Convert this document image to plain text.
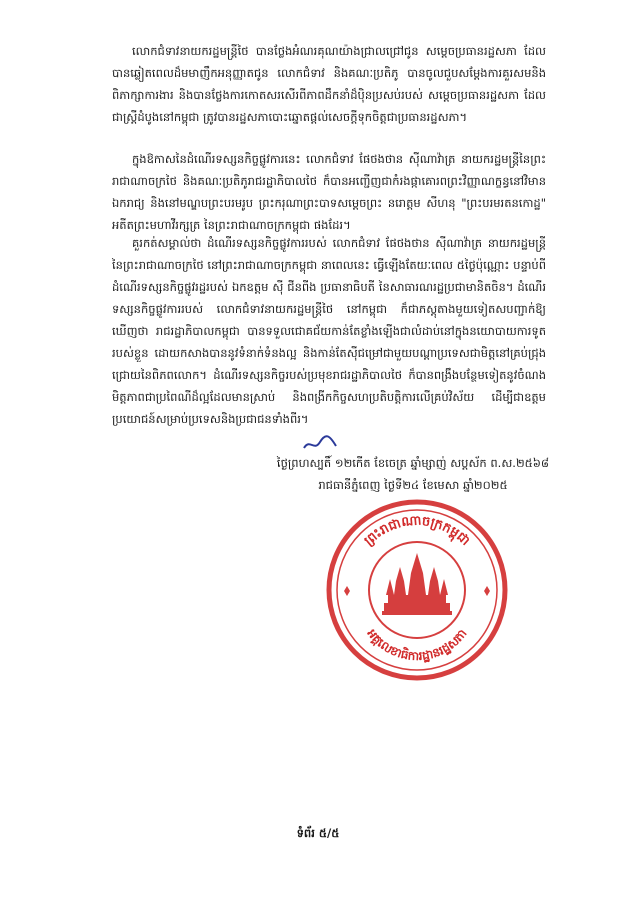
លោកជំទាវនាយករដ្ឋមន្ត្រីថៃ បានថ្លែងអំណរគុណយ៉ាងជ្រាលជ្រៅជូន សម្តេចប្រធានរដ្ឋសភា ដែលបានឆ្លៀតពេលដ៏មមាញឹកអនុញ្ញាតជូន លោកជំទាវ និងគណៈប្រតិភូ បានចូលជួបសម្តែងការគួរសមនិងពិភាក្សាការងារ និងបានថ្លែងការកោតសរសើរពីភាពដឹកនាំដ៏ប៉ិនប្រសប់របស់ សម្តេចប្រធានរដ្ឋសភា ដែលជាស្ត្រីដំបូងនៅកម្ពុជា ត្រូវបានរដ្ឋសភាបោះឆ្នោតផ្តល់សេចក្តីទុកចិត្តជាប្រធានរដ្ឋសភា។

ក្នុងឱកាសនៃដំណើរទស្សនកិច្ចផ្លូវការនេះ លោកជំទាវ ផែថងថាន ស៊ីណាវ៉ាត្រ នាយករដ្ឋមន្ត្រីនៃព្រះរាជាណាចក្រថៃ និងគណៈប្រតិភូរាជរដ្ឋាភិបាលថៃ ក៏បានអញ្ជើញជាកំរងផ្កាគោរពព្រះវិញ្ញាណក្ខន្ធនៅវិមានឯករាជ្យ និងនៅមណ្ឌបព្រះបរមរូប ព្រះករុណាព្រះបាទសម្តេចព្រះ នរោត្តម សីហនុ "ព្រះបរមរតនកោដ្ឋ" អតីតព្រះមហាវីរក្សត្រ នៃព្រះរាជាណាចក្រកម្ពុជា ផងដែរ។

គួរកត់សម្គាល់ថា ដំណើរទស្សនកិច្ចផ្លូវការរបស់ លោកជំទាវ ផែថងថាន ស៊ីណាវ៉ាត្រ នាយករដ្ឋមន្ត្រី នៃព្រះរាជាណាចក្រថៃ នៅព្រះរាជាណាចក្រកម្ពុជា នាពេលនេះ ធ្វើឡើងតែយៈពេល ៥ថ្ងៃប៉ុណ្ណោះ បន្ទាប់ពីដំណើរទស្សនកិច្ចផ្លូវរដ្ឋរបស់ ឯកឧត្តម ស៊ី ជីនពីង ប្រធានាធិបតី នៃសាធារណរដ្ឋប្រជាមានិតចិន។ ដំណើរទស្សនកិច្ចផ្លូវការរបស់ លោកជំទាវនាយករដ្ឋមន្ត្រីថៃ នៅកម្ពុជា ក៏ជាភស្តុតាងមួយទៀតសបញ្ជាក់ឱ្យឃើញថា រាជរដ្ឋាភិបាលកម្ពុជា បានទទួលជោគជ័យកាន់តែខ្លាំងឡើងជាលំដាប់នៅក្នុងនយោបាយការទូតរបស់ខ្លួន ដោយកសាងបាននូវទំនាក់ទំនងល្អ និងកាន់តែស៊ីជម្រៅជាមួយបណ្តាប្រទេសជាមិត្តនៅគ្រប់ជ្រុងជ្រោយនៃពិភពលោក។ ដំណើរទស្សនកិច្ចរបស់ប្រមុខរាជរដ្ឋាភិបាលថៃ ក៏បានពង្រឹងបន្ថែមទៀតនូវចំណងមិត្តភាពជាប្រពៃណីដ៏ល្អដែលមានស្រាប់ និងពង្រីកកិច្ចសហប្រតិបត្តិការលើគ្រប់វិស័យ ដើម្បីជាឧត្តមប្រយោជន៍សម្រាប់ប្រទេសនិងប្រជាជនទាំងពីរ។

ថ្ងៃព្រហស្បតិ៍ ១២កើត ខែចេត្រ ឆ្នាំម្សាញ់ សប្តស័ក ព.ស.២៥៦៨
រាជធានីភ្នំពេញ ថ្ងៃទី២៤ ខែមេសា ឆ្នាំ២០២៥
ព្រះរាជាណាចក្រកម្ពុជា
អគ្គលេខាធិការដ្ឋានរដ្ឋសភា
ទំព័រ ៥/៥
